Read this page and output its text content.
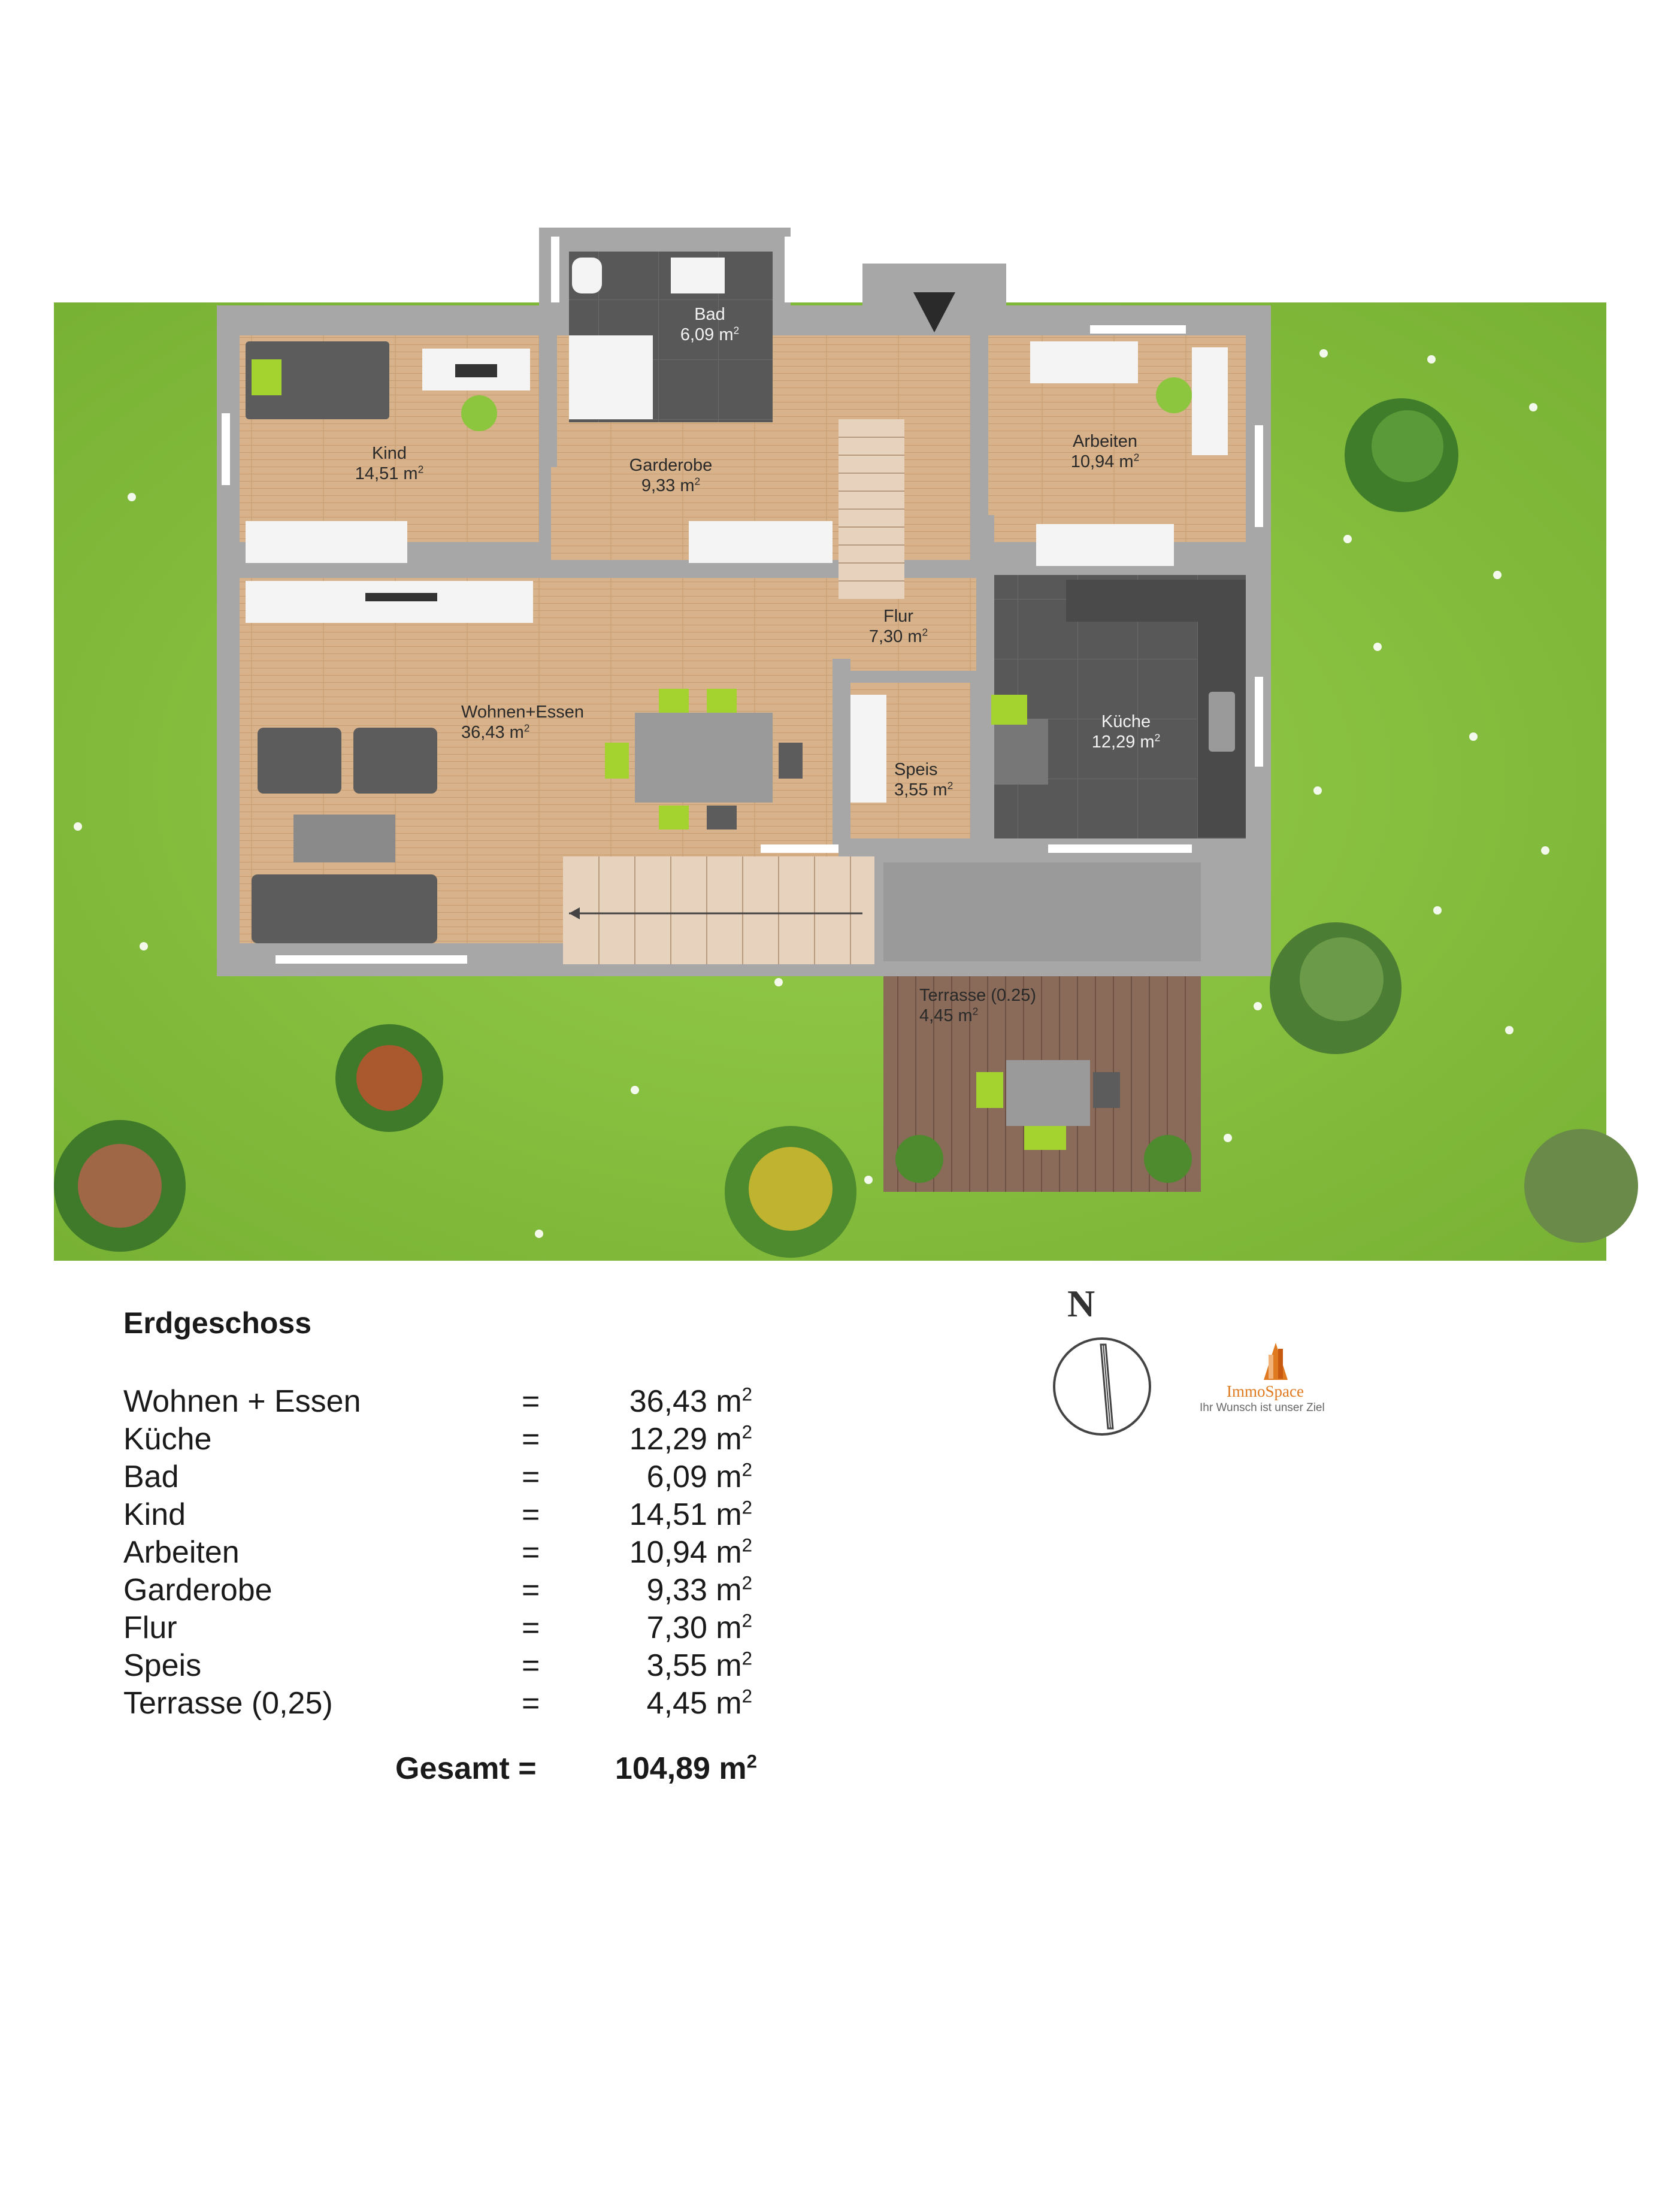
Bad
6,09 $m^2$
Kind
14,51 $m^2$	Garderobe
9,33 $m^2$
Arbeiten
10,94 $m^2$
Flur
7,30 $m^2$
Wohnen+Essen
36,43 $m^2$	Küche
12,29 $m^2$
Speis
3,55 $m^2$
Terrasse (0.25)
4,45 $m^2$
Erdgeschoss
Wohnen + Essen	=	36,43 $m^2$
Küche	=	12,29 $m^2$
Bad	=	6,09 $m^2$
Kind	=	14,51 $m^2$
Arbeiten	=	10,94 $m^2$
Garderobe	=	9,33 $m^2$
Flur	=	7,30 $m^2$
Speis	=	3,55 $m^2$
Terrasse (0,25)	=	4,45 $m^2$
Gesamt =	104,89 $m^2$
N
ImmoSpace
Ihr Wunsch ist unser Ziel
